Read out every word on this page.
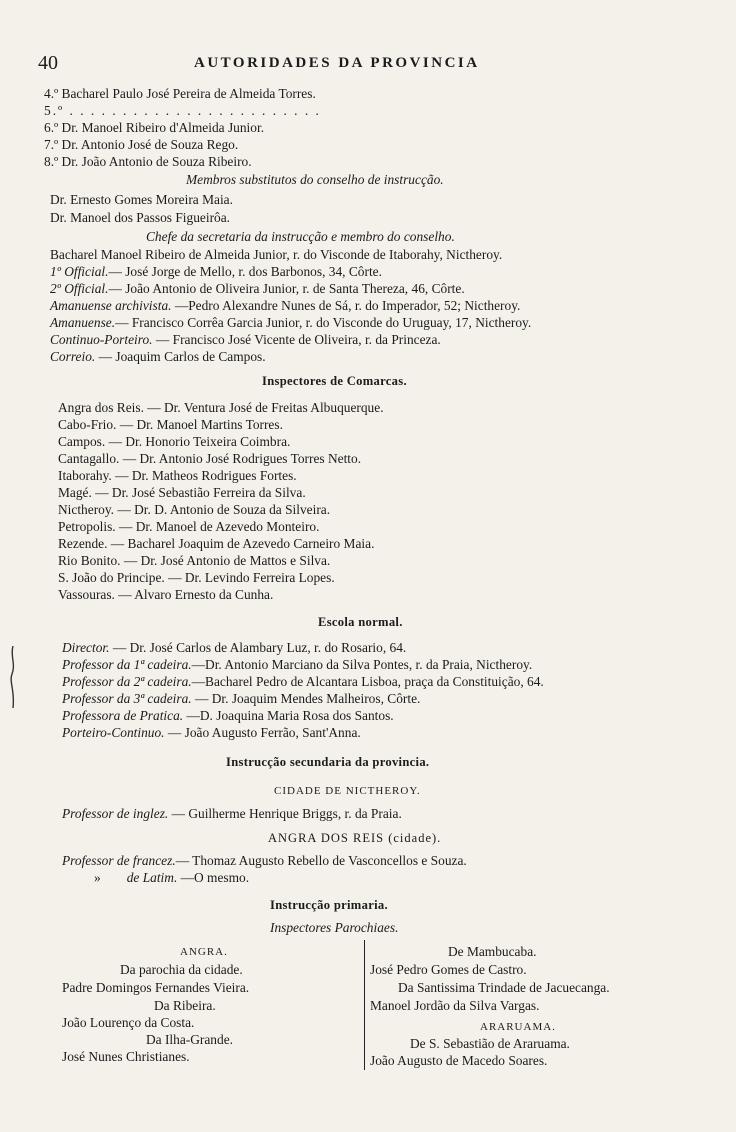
40	AUTORIDADES DA PROVINCIA
4.º Bacharel Paulo José Pereira de Almeida Torres.
5.º . . . . . . . . . . . . . . . . . . . . . . . .
6.º Dr. Manoel Ribeiro d'Almeida Junior.
7.º Dr. Antonio José de Souza Rego.
8.º Dr. João Antonio de Souza Ribeiro.
Membros substitutos do conselho de instrucção.
Dr. Ernesto Gomes Moreira Maia.
Dr. Manoel dos Passos Figueirôa.
Chefe da secretaria da instrucção e membro do conselho.
Bacharel Manoel Ribeiro de Almeida Junior, r. do Visconde de Itaborahy, Nictheroy.
1º Official.— José Jorge de Mello, r. dos Barbonos, 34, Côrte.
2º Official.— João Antonio de Oliveira Junior, r. de Santa Thereza, 46, Côrte.
Amanuense archivista. —Pedro Alexandre Nunes de Sá, r. do Imperador, 52; Nictheroy.
Amanuense.— Francisco Corrêa Garcia Junior, r. do Visconde do Uruguay, 17, Nictheroy.
Continuo-Porteiro. — Francisco José Vicente de Oliveira, r. da Princeza.
Correio. — Joaquim Carlos de Campos.
Inspectores de Comarcas.
Angra dos Reis. — Dr. Ventura José de Freitas Albuquerque.
Cabo-Frio. — Dr. Manoel Martins Torres.
Campos. — Dr. Honorio Teixeira Coimbra.
Cantagallo. — Dr. Antonio José Rodrigues Torres Netto.
Itaborahy. — Dr. Matheos Rodrigues Fortes.
Magé. — Dr. José Sebastião Ferreira da Silva.
Nictheroy. — Dr. D. Antonio de Souza da Silveira.
Petropolis. — Dr. Manoel de Azevedo Monteiro.
Rezende. — Bacharel Joaquim de Azevedo Carneiro Maia.
Rio Bonito. — Dr. José Antonio de Mattos e Silva.
S. João do Principe. — Dr. Levindo Ferreira Lopes.
Vassouras. — Alvaro Ernesto da Cunha.
Escola normal.
Director. — Dr. José Carlos de Alambary Luz, r. do Rosario, 64.
Professor da 1ª cadeira.—Dr. Antonio Marciano da Silva Pontes, r. da Praia, Nictheroy.
Professor da 2ª cadeira.—Bacharel Pedro de Alcantara Lisboa, praça da Constituição, 64.
Professor da 3ª cadeira. — Dr. Joaquim Mendes Malheiros, Côrte.
Professora de Pratica. —D. Joaquina Maria Rosa dos Santos.
Porteiro-Continuo. — João Augusto Ferrão, Sant'Anna.
Instrucção secundaria da provincia.
CIDADE DE NICTHEROY.
Professor de inglez. — Guilherme Henrique Briggs, r. da Praia.
ANGRA DOS REIS (cidade).
Professor de francez.— Thomaz Augusto Rebello de Vasconcellos e Souza.
» de Latim. —O mesmo.
Instrucção primaria.
Inspectores Parochiaes.
ANGRA.
Da parochia da cidade.
Padre Domingos Fernandes Vieira.
Da Ribeira.
João Lourenço da Costa.
Da Ilha-Grande.
José Nunes Christianes.
De Mambucaba.
José Pedro Gomes de Castro.
Da Santissima Trindade de Jacuecanga.
Manoel Jordão da Silva Vargas.
ARARUAMA.
De S. Sebastião de Araruama.
João Augusto de Macedo Soares.
